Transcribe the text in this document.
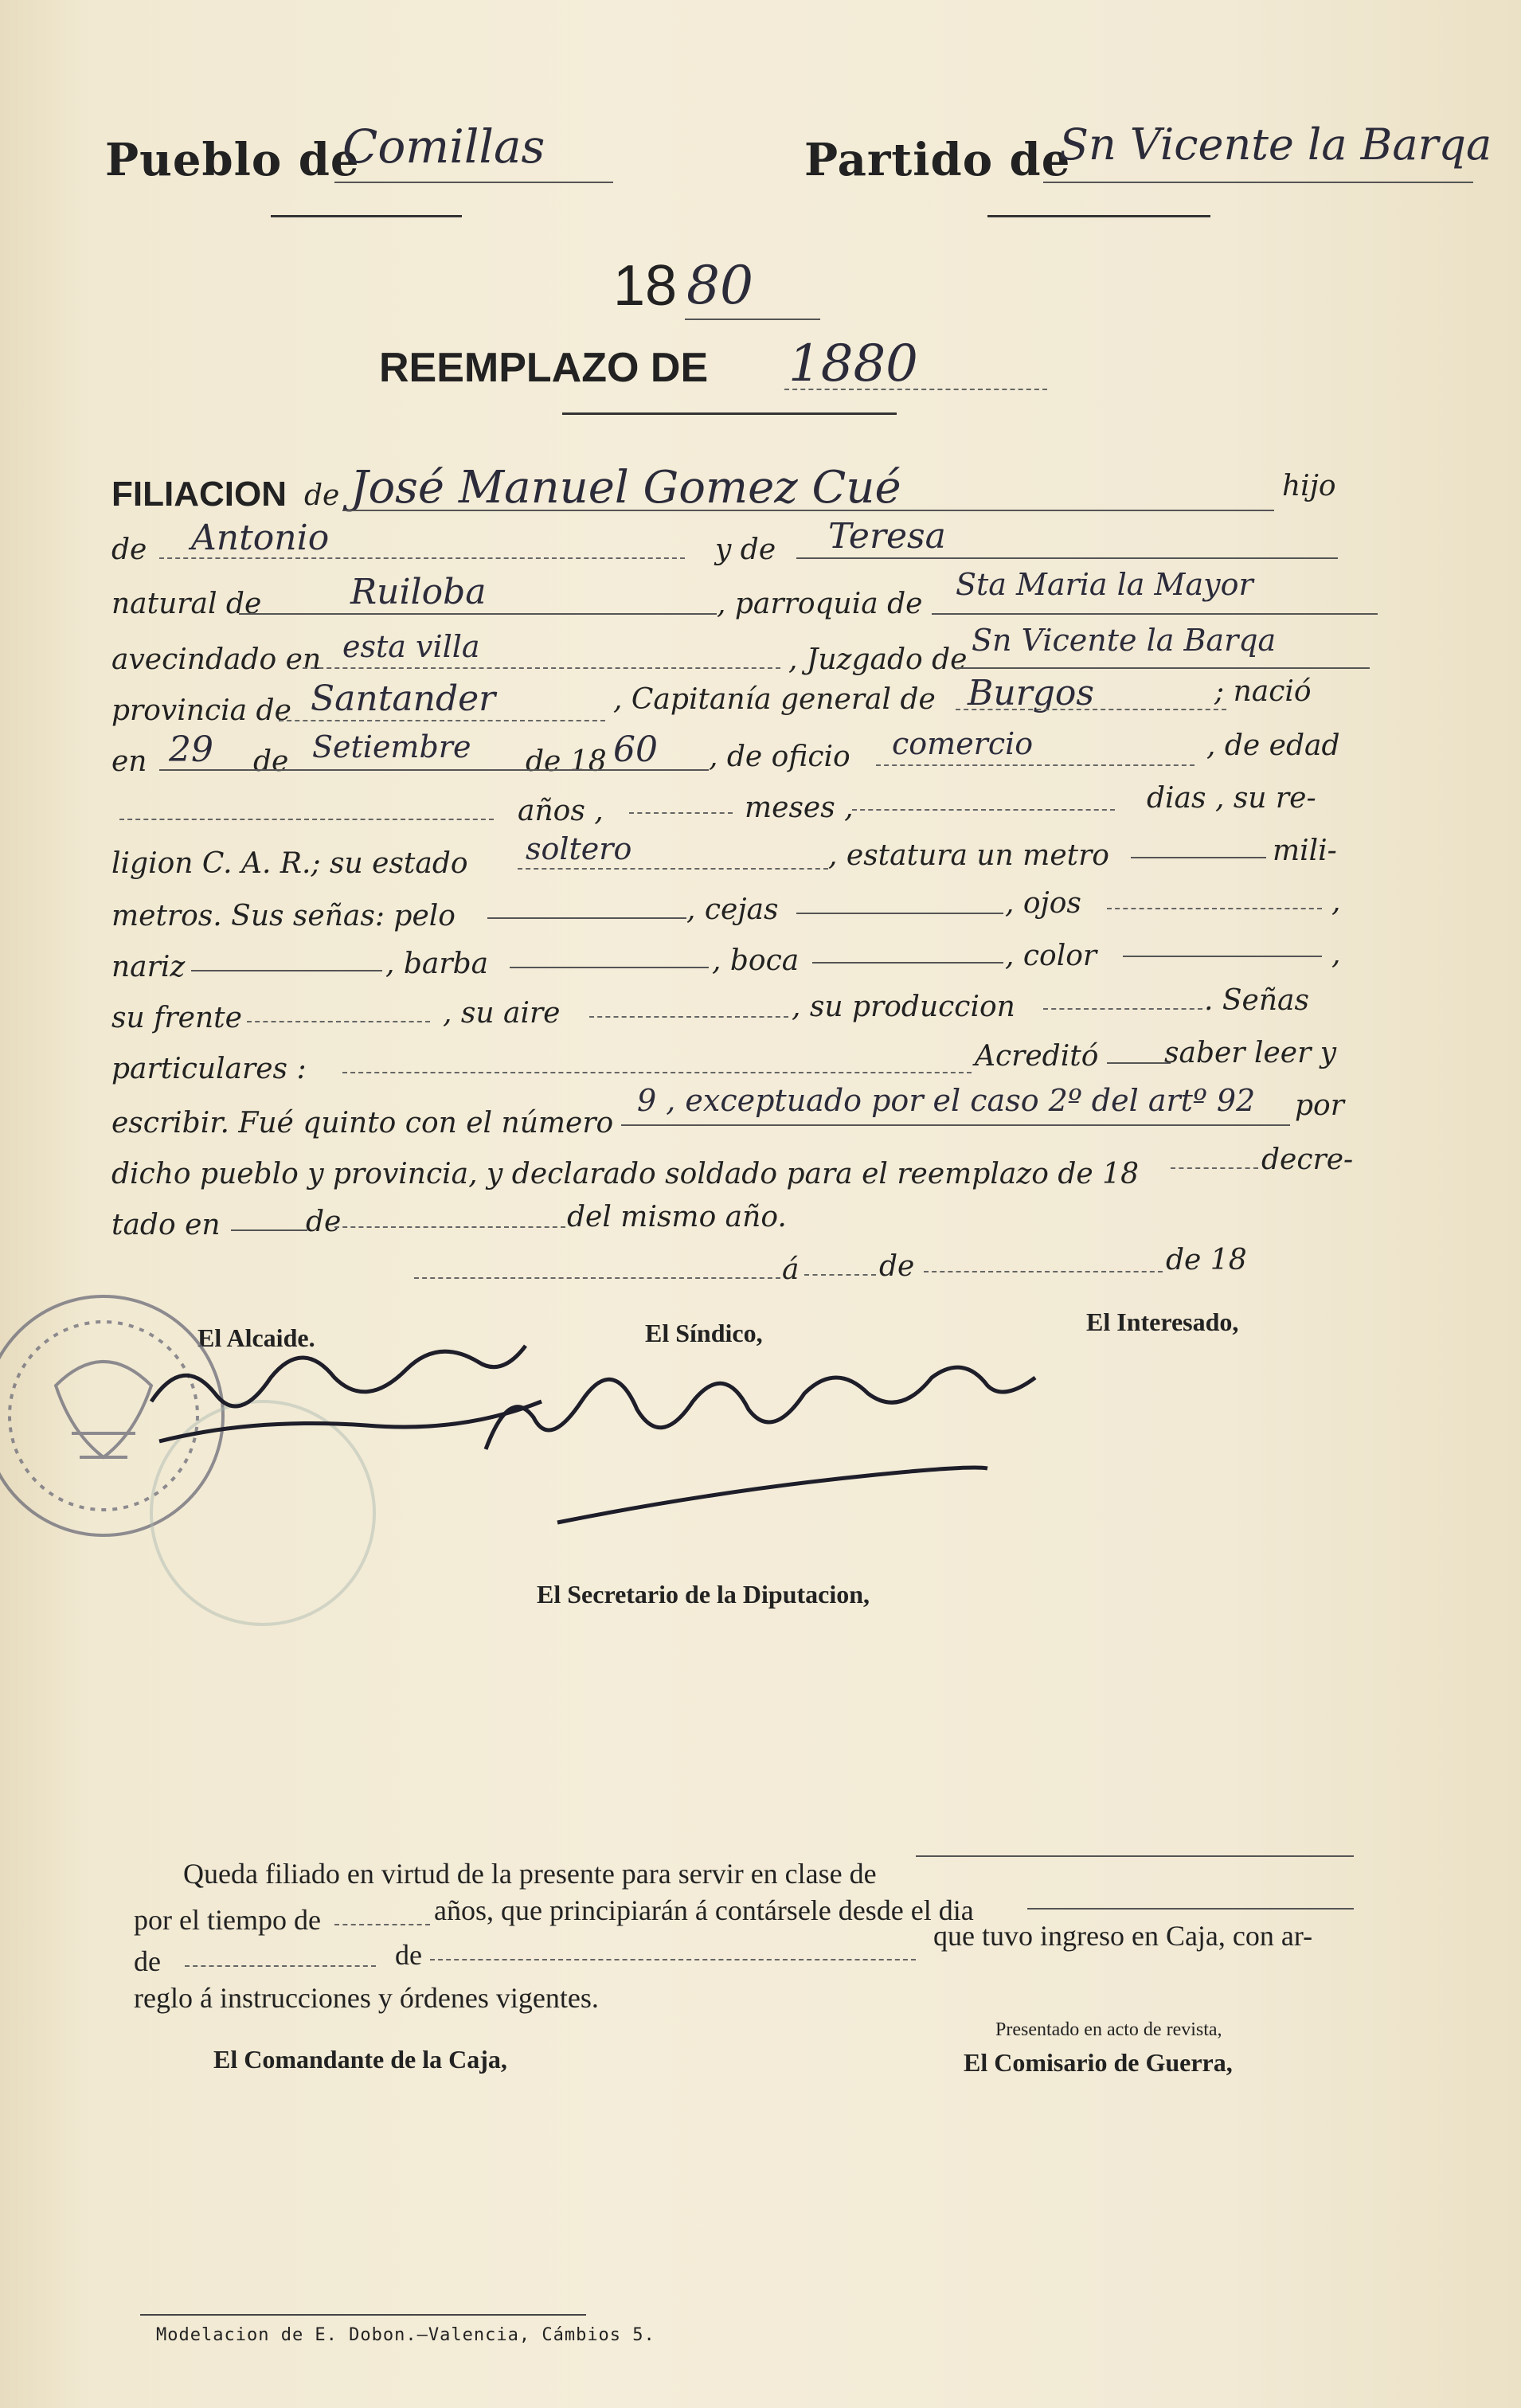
Pueblo de
Comillas	Partido de
Sn Vicente la Barqa
18 80
REEMPLAZO DE 1880
FILIACION de José Manuel Gomez Cué	hijo
de Antonio	y de Teresa
natural de	Ruiloba	, parroquia de
Sta Maria la Mayor
avecindado en esta villa	, Juzgado de
Sn Vicente la Barqa
provincia de Santander	, Capitanía general de Burgos	; nació
en 29 de Setiembre de 18 60 , de oficio comercio	, de edad
años ,	meses ,	dias , su re-
ligion C. A. R.; su estado soltero	, estatura un metro	mili-
metros. Sus señas: pelo	, cejas	, ojos	,
nariz	, barba	, boca	, color	,
su frente	, su aire	, su produccion	. Señas
particulares :	Acreditó saber leer y
escribir. Fué quinto con el número
9 , exceptuado por el caso 2º del artº 92 por
dicho pueblo y provincia, y declarado soldado para el reemplazo de 18	decre-
tado en	de	del mismo año.
á	de	de 18
El Alcaide.	El Síndico,	El Interesado,
El Secretario de la Diputacion,
Queda filiado en virtud de la presente para servir en clase de
por el tiempo de	años, que principiarán á contársele desde el dia
de	de
que tuvo ingreso en Caja, con ar-
reglo á instrucciones y órdenes vigentes.
El Comandante de la Caja,
Presentado en acto de revista,
El Comisario de Guerra,
Modelacion de E. Dobon.—Valencia, Cámbios 5.
